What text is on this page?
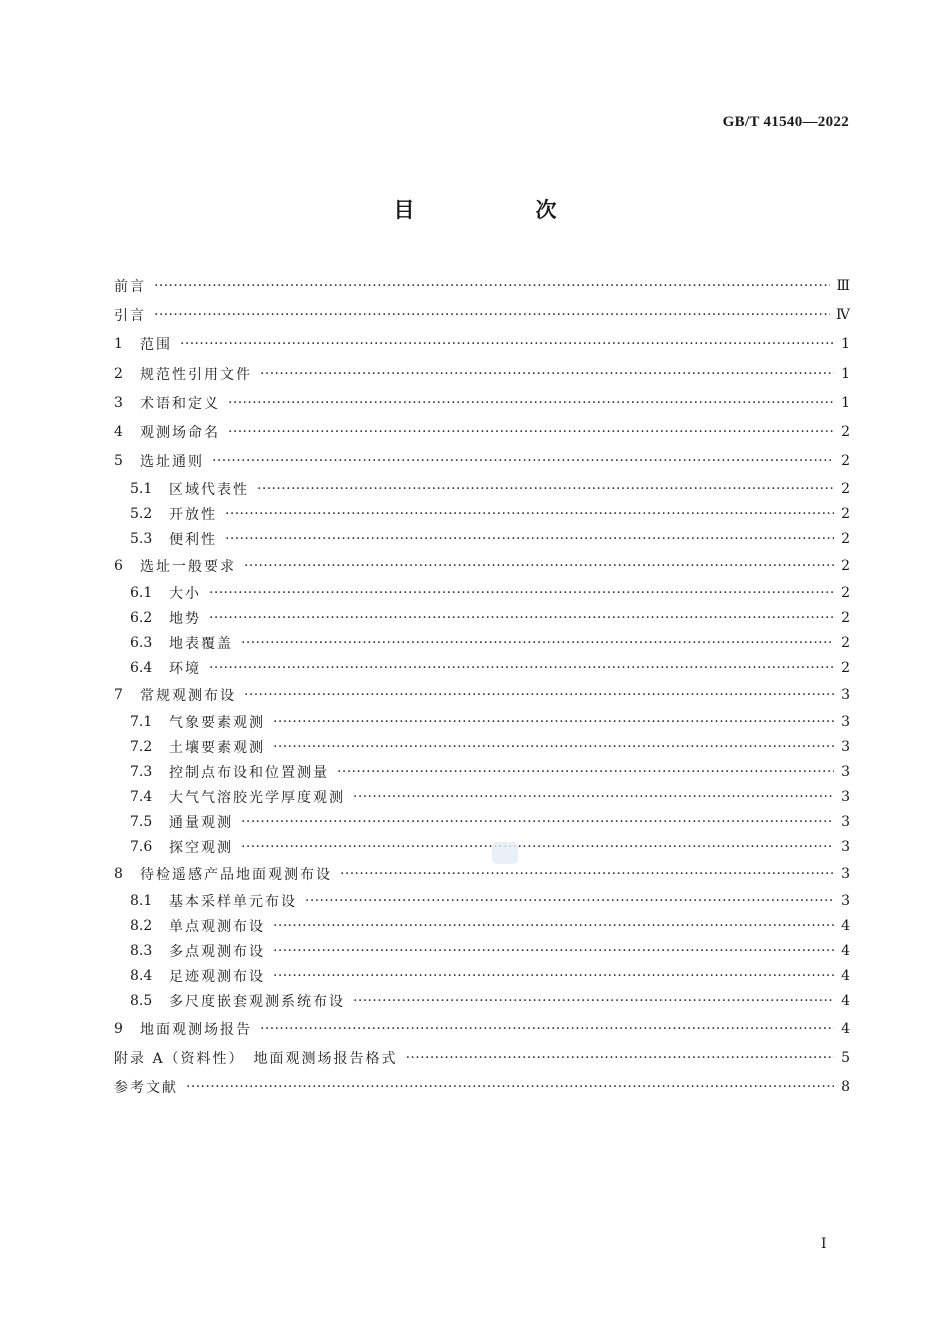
GB/T 41540—2022
目　次
前言 ·····	Ⅲ
引言 ·····	Ⅳ
1	范围 ·····	1
2	规范性引用文件 ·····	1
3	术语和定义 ·····	1
4	观测场命名 ·····	2
5	选址通则 ·····	2
5.1	区域代表性 ·····	2
5.2	开放性 ·····	2
5.3	便利性 ·····	2
6	选址一般要求 ·····	2
6.1	大小 ·····	2
6.2	地势 ·····	2
6.3	地表覆盖 ·····	2
6.4	环境 ·····	2
7	常规观测布设 ·····	3
7.1	气象要素观测 ·····	3
7.2	土壤要素观测 ·····	3
7.3	控制点布设和位置测量 ·····	3
7.4	大气气溶胶光学厚度观测 ·····	3
7.5	通量观测 ·····	3
7.6	探空观测 ·····	3
8	待检遥感产品地面观测布设 ·····	3
8.1	基本采样单元布设 ·····	3
8.2	单点观测布设 ·····	4
8.3	多点观测布设 ·····	4
8.4	足迹观测布设 ·····	4
8.5	多尺度嵌套观测系统布设 ·····	4
9	地面观测场报告 ·····	4
附录 A（资料性）　地面观测场报告格式 ·····	5
参考文献 ·····	8
Ⅰ
